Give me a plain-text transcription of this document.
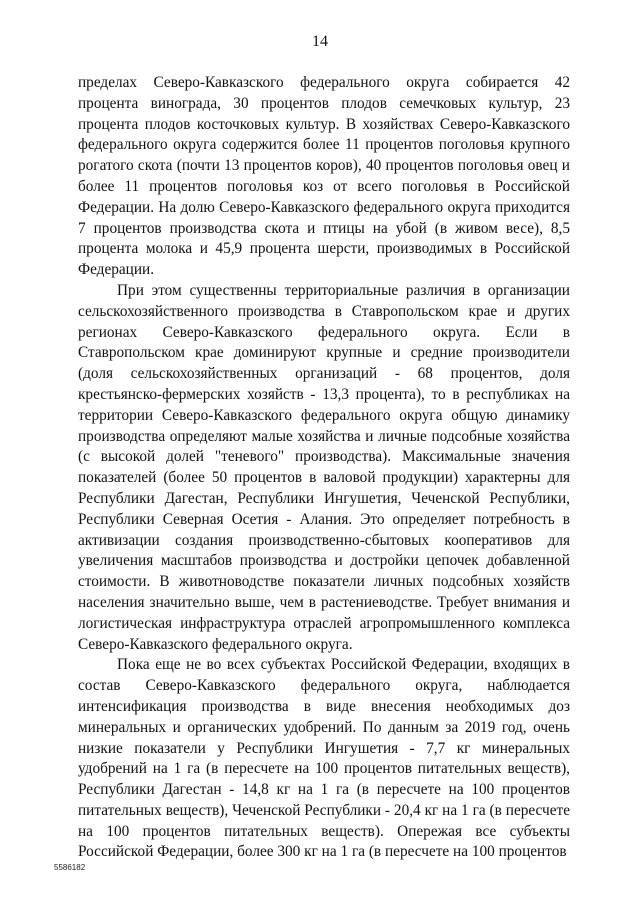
14

пределах Северо-Кавказского федерального округа собирается 42 процента винограда, 30 процентов плодов семечковых культур, 23 процента плодов косточковых культур. В хозяйствах Северо-Кавказского федерального округа содержится более 11 процентов поголовья крупного рогатого скота (почти 13 процентов коров), 40 процентов поголовья овец и более 11 процентов поголовья коз от всего поголовья в Российской Федерации. На долю Северо-Кавказского федерального округа приходится 7 процентов производства скота и птицы на убой (в живом весе), 8,5 процента молока и 45,9 процента шерсти, производимых в Российской Федерации.

При этом существенны территориальные различия в организации сельскохозяйственного производства в Ставропольском крае и других регионах Северо-Кавказского федерального округа. Если в Ставропольском крае доминируют крупные и средние производители (доля сельскохозяйственных организаций - 68 процентов, доля крестьянско-фермерских хозяйств - 13,3 процента), то в республиках на территории Северо-Кавказского федерального округа общую динамику производства определяют малые хозяйства и личные подсобные хозяйства (с высокой долей "теневого" производства). Максимальные значения показателей (более 50 процентов в валовой продукции) характерны для Республики Дагестан, Республики Ингушетия, Чеченской Республики, Республики Северная Осетия - Алания. Это определяет потребность в активизации создания производственно-сбытовых кооперативов для увеличения масштабов производства и достройки цепочек добавленной стоимости. В животноводстве показатели личных подсобных хозяйств населения значительно выше, чем в растениеводстве. Требует внимания и логистическая инфраструктура отраслей агропромышленного комплекса Северо-Кавказского федерального округа.

Пока еще не во всех субъектах Российской Федерации, входящих в состав Северо-Кавказского федерального округа, наблюдается интенсификация производства в виде внесения необходимых доз минеральных и органических удобрений. По данным за 2019 год, очень низкие показатели у Республики Ингушетия - 7,7 кг минеральных удобрений на 1 га (в пересчете на 100 процентов питательных веществ), Республики Дагестан - 14,8 кг на 1 га (в пересчете на 100 процентов питательных веществ), Чеченской Республики - 20,4 кг на 1 га (в пересчете на 100 процентов питательных веществ). Опережая все субъекты Российской Федерации, более 300 кг на 1 га (в пересчете на 100 процентов

5586182
